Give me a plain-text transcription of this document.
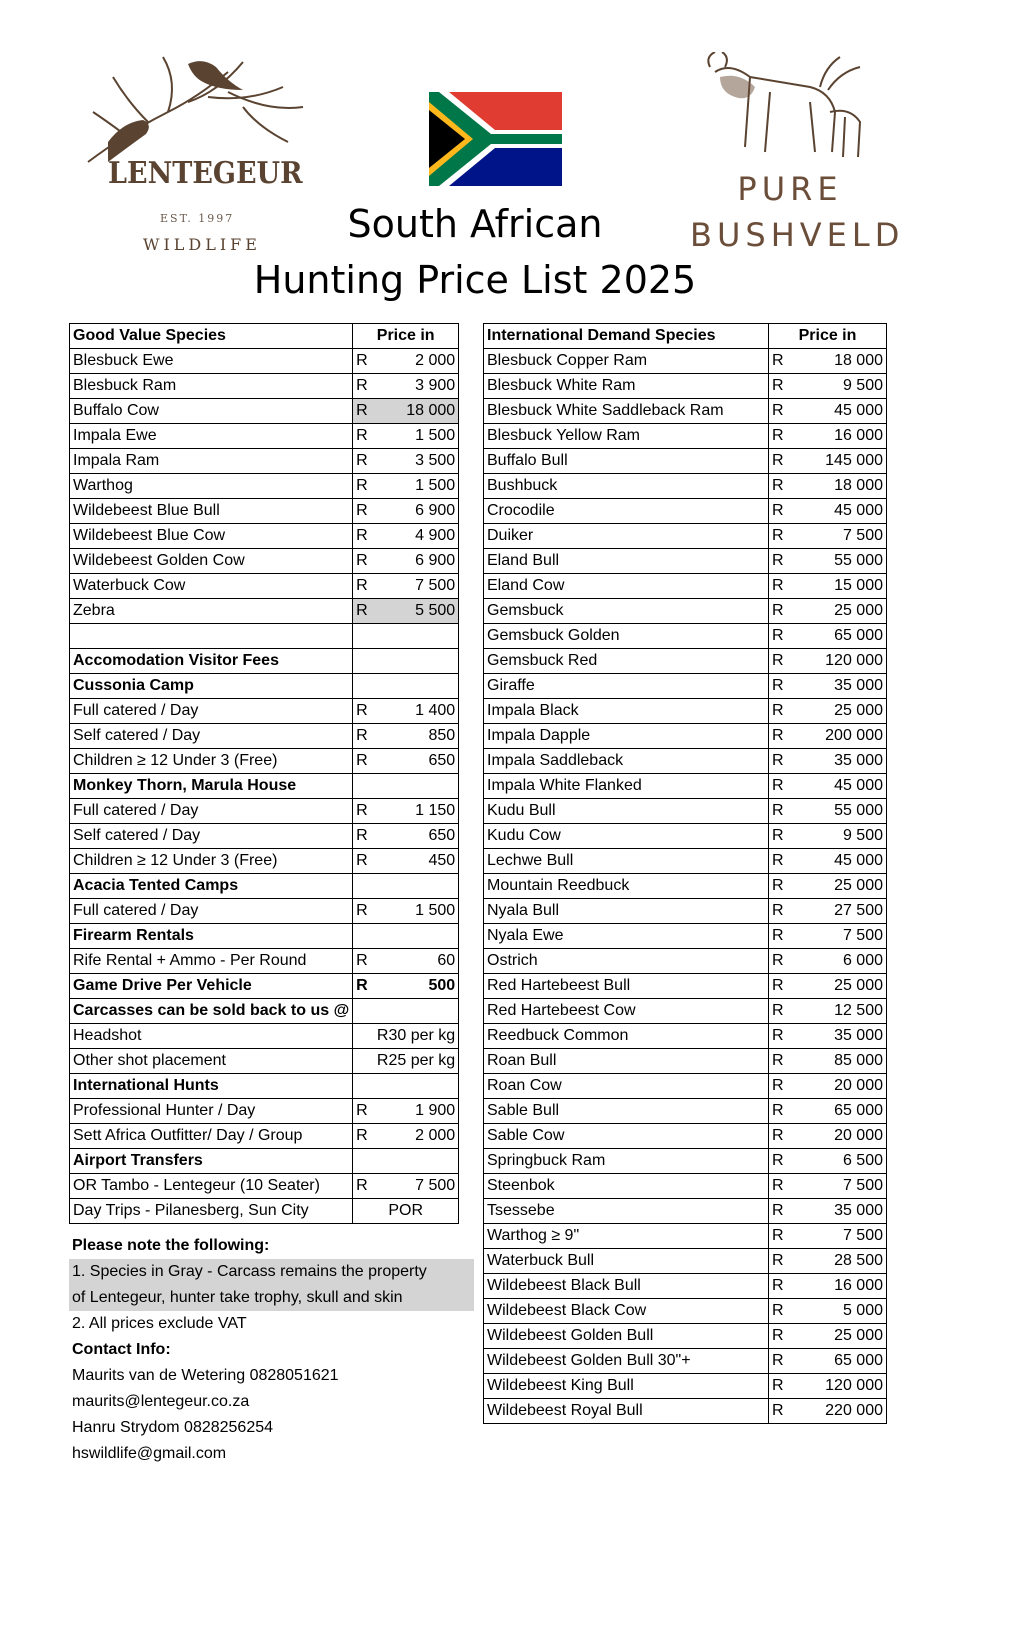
LENTEGEUR
EST. 1997
WILDLIFE	South African
Hunting Price List 2025
PURE
BUSHVELD
Good Value Species	Price in	
Blesbuck Ewe	R	2 000
Blesbuck Ram	R	3 900
Buffalo Cow	R	18 000
Impala Ewe	R	1 500
Impala Ram	R	3 500
Warthog	R	1 500
Wildebeest Blue Bull	R	6 900
Wildebeest Blue Cow	R	4 900
Wildebeest Golden Cow	R	6 900
Waterbuck Cow	R	7 500
Zebra	R	5 500

Accomodation Visitor Fees		
Cussonia Camp		
Full catered / Day	R	1 400
Self catered / Day	R	850
Children ≥ 12 Under 3 (Free)	R	650
Monkey Thorn, Marula House		
Full catered / Day	R	1 150
Self catered / Day	R	650
Children ≥ 12 Under 3 (Free)	R	450
Acacia Tented Camps		
Full catered / Day	R	1 500
Firearm Rentals		
Rife Rental + Ammo - Per Round	R	60
Game Drive Per Vehicle	R	500
Carcasses can be sold back to us @		
Headshot	R30 per kg	
Other shot placement	R25 per kg	
International Hunts		
Professional Hunter / Day	R	1 900
Sett Africa Outfitter/ Day / Group	R	2 000
Airport Transfers		
OR Tambo - Lentegeur (10 Seater)	R	7 500
Day Trips - Pilanesberg, Sun City	POR	
Please note the following:
1. Species in Gray - Carcass remains the property
of Lentegeur, hunter take trophy, skull and skin
2. All prices exclude VAT
Contact Info:
Maurits van de Wetering 0828051621
maurits@lentegeur.co.za
Hanru Strydom 0828256254
hswildlife@gmail.com
International Demand Species	Price in	
Blesbuck Copper Ram	R	18 000
Blesbuck White Ram	R	9 500
Blesbuck White Saddleback Ram	R	45 000
Blesbuck Yellow Ram	R	16 000
Buffalo Bull	R	145 000
Bushbuck	R	18 000
Crocodile	R	45 000
Duiker	R	7 500
Eland Bull	R	55 000
Eland Cow	R	15 000
Gemsbuck	R	25 000
Gemsbuck Golden	R	65 000
Gemsbuck Red	R	120 000
Giraffe	R	35 000
Impala Black	R	25 000
Impala Dapple	R	200 000
Impala Saddleback	R	35 000
Impala White Flanked	R	45 000
Kudu Bull	R	55 000
Kudu Cow	R	9 500
Lechwe Bull	R	45 000
Mountain Reedbuck	R	25 000
Nyala Bull	R	27 500
Nyala Ewe	R	7 500
Ostrich	R	6 000
Red Hartebeest Bull	R	25 000
Red Hartebeest Cow	R	12 500
Reedbuck Common	R	35 000
Roan Bull	R	85 000
Roan Cow	R	20 000
Sable Bull	R	65 000
Sable Cow	R	20 000
Springbuck Ram	R	6 500
Steenbok	R	7 500
Tsessebe	R	35 000
Warthog ≥ 9"	R	7 500
Waterbuck Bull	R	28 500
Wildebeest Black Bull	R	16 000
Wildebeest Black Cow	R	5 000
Wildebeest Golden Bull	R	25 000
Wildebeest Golden Bull 30"+	R	65 000
Wildebeest King Bull	R	120 000
Wildebeest Royal Bull	R	220 000
